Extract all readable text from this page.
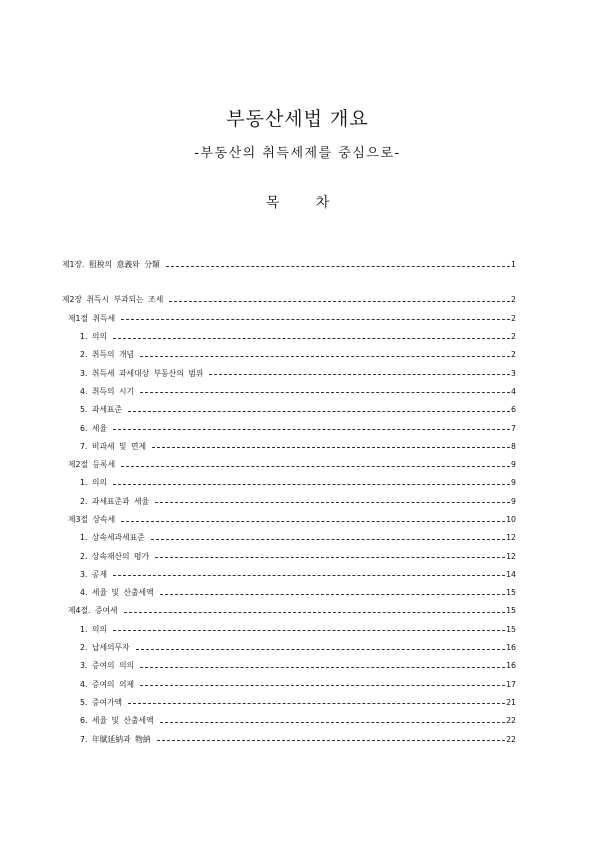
부동산세법 개요
-부동산의 취득세제를 중심으로-
목 차
제1장. 租稅의 意義와 分類	1
제2장 취득시 부과되는 조세	2
제1절 취득세	2
1. 의의	2
2. 취득의 개념	2
3. 취득세 과세대상 부동산의 범위	3
4. 취득의 시기	4
5. 과세표준	6
6. 세율	7
7. 비과세 및 면제	8
제2절 등록세	9
1. 의의	9
2. 과세표준과 세율	9
제3절 상속세	10
1. 상속세과세표준	12
2. 상속재산의 평가	12
3. 공제	14
4. 세율 및 산출세액	15
제4절. 증여세	15
1. 의의	15
2. 납세의무자	16
3. 증여의 의의	16
4. 증여의 의제	17
5. 증여가액	21
6. 세율 및 산출세액	22
7. 年賦延納과 物納	22
